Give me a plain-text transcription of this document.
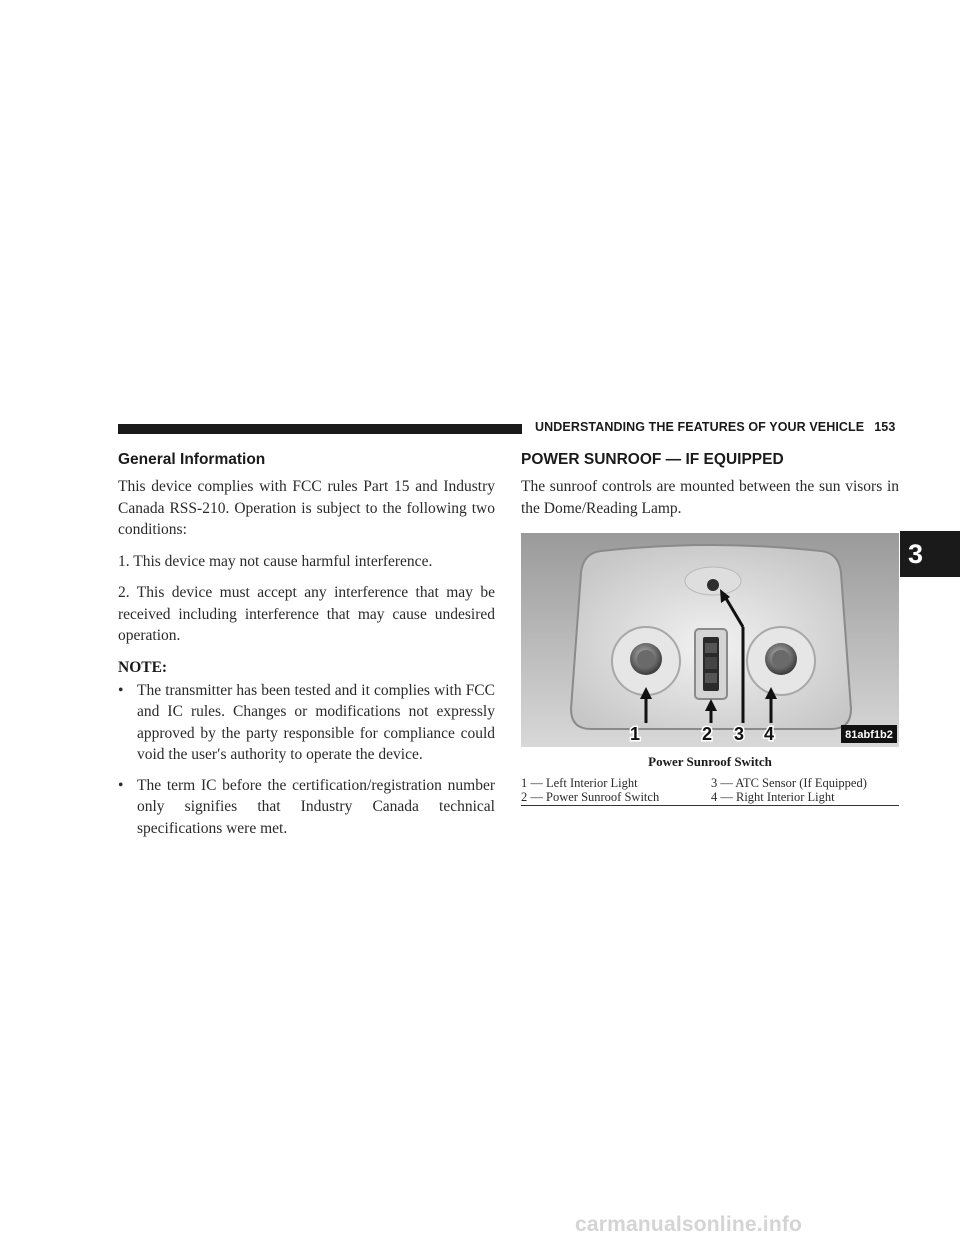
UNDERSTANDING THE FEATURES OF YOUR VEHICLE 153
General Information

This device complies with FCC rules Part 15 and Industry Canada RSS-210. Operation is subject to the following two conditions:

1. This device may not cause harmful interference.

2. This device must accept any interference that may be received including interference that may cause undesired operation.

NOTE:

• The transmitter has been tested and it complies with FCC and IC rules. Changes or modifications not expressly approved by the party responsible for compliance could void the user′s authority to operate the device.
• The term IC before the certification/registration number only signifies that Industry Canada technical specifications were met.
POWER SUNROOF — IF EQUIPPED

The sunroof controls are mounted between the sun visors in the Dome/Reading Lamp.

1	2 3 4	81abf1b2
Power Sunroof Switch
1 — Left Interior Light	3 — ATC Sensor (If Equipped)
2 — Power Sunroof Switch	4 — Right Interior Light
3
carmanualsonline.info
